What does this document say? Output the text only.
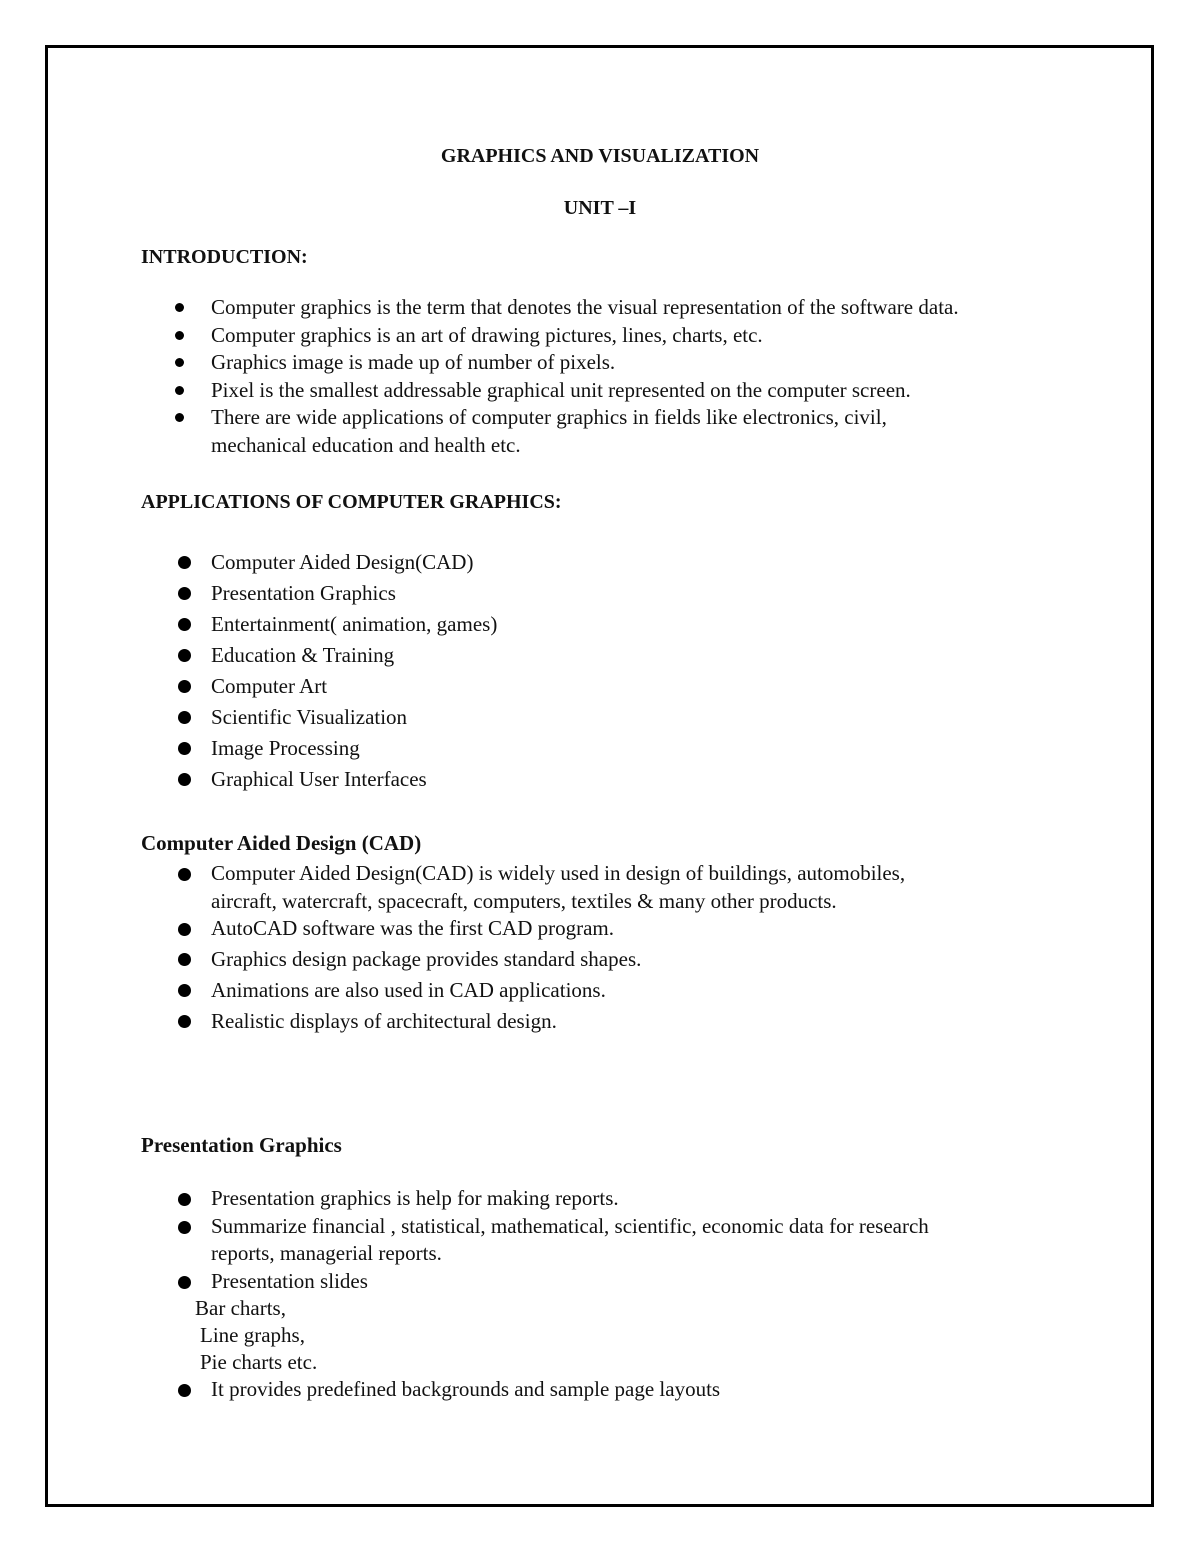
GRAPHICS AND VISUALIZATION
UNIT –I
INTRODUCTION:
Computer graphics is the term that denotes the visual representation of the software data.
Computer graphics is an art of drawing pictures, lines, charts, etc.
Graphics image is made up of number of pixels.
Pixel is the smallest addressable graphical unit represented on the computer screen.
There are wide applications of computer graphics in fields like electronics, civil,
mechanical education and health etc.
APPLICATIONS OF COMPUTER GRAPHICS:
Computer Aided Design(CAD)
Presentation Graphics
Entertainment( animation, games)
Education & Training
Computer Art
Scientific Visualization
Image Processing
Graphical User Interfaces
Computer Aided Design (CAD)
Computer Aided Design(CAD) is widely used in design of buildings, automobiles,
aircraft, watercraft, spacecraft, computers, textiles & many other products.
AutoCAD software was the first CAD program.
Graphics design package provides standard shapes.
Animations are also used in CAD applications.
Realistic displays of architectural design.
Presentation Graphics
Presentation graphics is help for making reports.
Summarize financial , statistical, mathematical, scientific, economic data for research
reports, managerial reports.
Presentation slides
Bar charts,
Line graphs,
Pie charts etc.
It provides predefined backgrounds and sample page layouts
